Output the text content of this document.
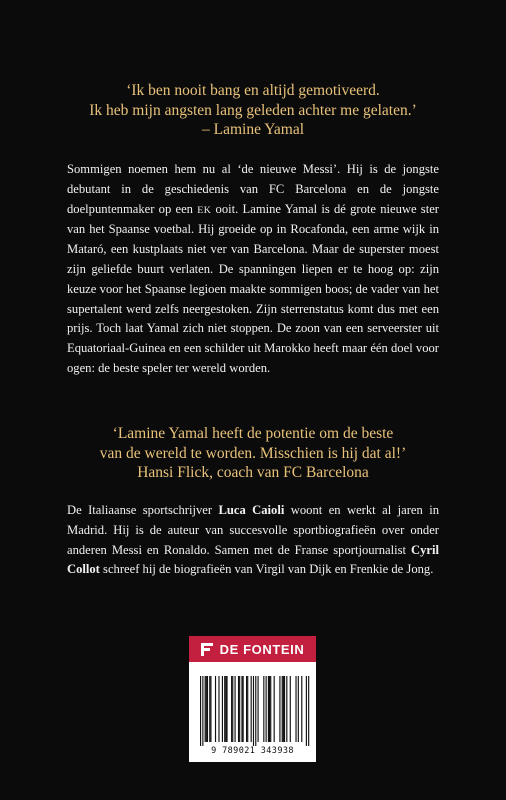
‘Ik ben nooit bang en altijd gemotiveerd.
Ik heb mijn angsten lang geleden achter me gelaten.’
– Lamine Yamal
Sommigen noemen hem nu al ‘de nieuwe Messi’. Hij is de jongste debutant in de geschiedenis van FC Barcelona en de jongste doelpuntenmaker op een EK ooit. Lamine Yamal is dé grote nieuwe ster van het Spaanse voetbal. Hij groeide op in Rocafonda, een arme wijk in Mataró, een kustplaats niet ver van Barcelona. Maar de superster moest zijn geliefde buurt verlaten. De spanningen liepen er te hoog op: zijn keuze voor het Spaanse legioen maakte sommigen boos; de vader van het supertalent werd zelfs neergestoken. Zijn sterrenstatus komt dus met een prijs. Toch laat Yamal zich niet stoppen. De zoon van een serveerster uit Equatoriaal-Guinea en een schilder uit Marokko heeft maar één doel voor ogen: de beste speler ter wereld worden.
‘Lamine Yamal heeft de potentie om de beste
van de wereld te worden. Misschien is hij dat al!’
Hansi Flick, coach van FC Barcelona
De Italiaanse sportschrijver Luca Caioli woont en werkt al jaren in Madrid. Hij is de auteur van succesvolle sportbiografieën over onder anderen Messi en Ronaldo. Samen met de Franse sportjournalist Cyril Collot schreef hij de biografieën van Virgil van Dijk en Frenkie de Jong.
DE FONTEIN
9 789021 343938
